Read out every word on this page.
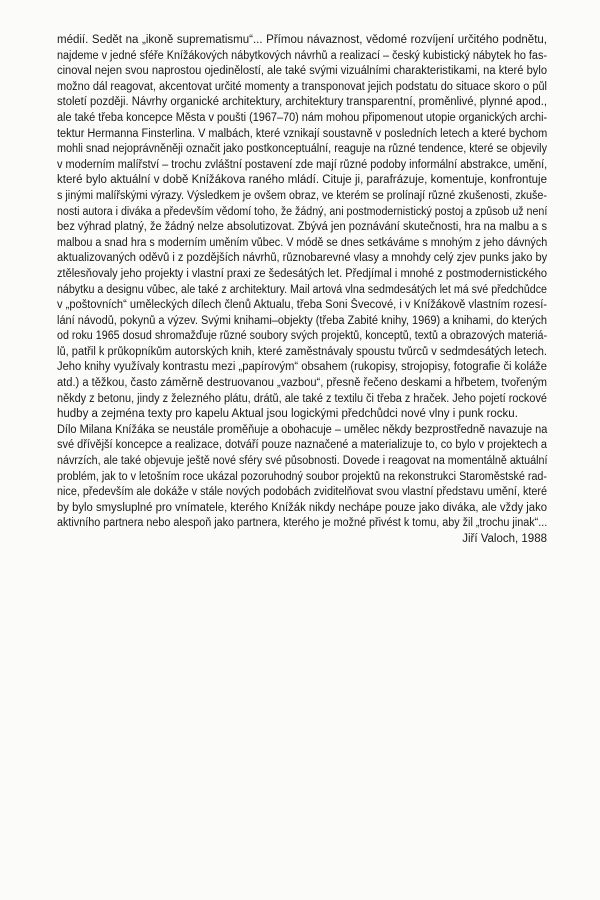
médií. Sedět na „ikoně suprematismu“... Přímou návaznost, vědomé rozvíjení určitého podnětu,
najdeme v jedné sféře Knížákových nábytkových návrhů a realizací – český kubistický nábytek ho fas- cinoval nejen svou naprostou ojedinělostí, ale také svými vizuálními charakteristikami, na které bylo možno dál reagovat, akcentovat určité momenty a transponovat jejich podstatu do situace skoro o půl století později. Návrhy organické architektury, architektury transparentní, proměnlivé, plynné apod., ale také třeba koncepce Města v poušti (1967–70) nám mohou připomenout utopie organických archi- tektur Hermanna Finsterlina. V malbách, které vznikají soustavně v posledních letech a které bychom mohli snad nejoprávněněji označit jako postkonceptuální, reaguje na různé tendence, které se objevily v moderním malířství – trochu zvláštní postavení zde mají různé podoby informální abstrakce, umění,
které bylo aktuální v době Knížákova raného mládí. Cituje ji, parafrázuje, komentuje, konfrontuje
s jinými malířskými výrazy. Výsledkem je ovšem obraz, ve kterém se prolínají různé zkušenosti, zkuše- nosti autora i diváka a především vědomí toho, že žádný, ani postmodernistický postoj a způsob už není bez výhrad platný, že žádný nelze absolutizovat. Zbývá jen poznávání skutečnosti, hra na malbu a s malbou a snad hra s moderním uměním vůbec. V módě se dnes setkáváme s mnohým z jeho dávných aktualizovaných oděvů i z pozdějších návrhů, různobarevné vlasy a mnohdy celý zjev punks jako by ztělesňovaly jeho projekty i vlastní praxi ze šedesátých let. Předjímal i mnohé z postmodernistického nábytku a designu vůbec, ale také z architektury. Mail artová vlna sedmdesátých let má své předchůdce v „poštovních“ uměleckých dílech členů Aktualu, třeba Soni Švecové, i v Knížákově vlastním rozesí- lání návodů, pokynů a výzev. Svými knihami–objekty (třeba Zabité knihy, 1969) a knihami, do kterých od roku 1965 dosud shromažďuje různé soubory svých projektů, konceptů, textů a obrazových materiá- lů, patřil k průkopníkům autorských knih, které zaměstnávaly spoustu tvůrců v sedmdesátých letech. Jeho knihy využívaly kontrastu mezi „papírovým“ obsahem (rukopisy, strojopisy, fotografie či koláže atd.) a těžkou, často záměrně destruovanou „vazbou“, přesně řečeno deskami a hřbetem, tvořeným někdy z betonu, jindy z železného plátu, drátů, ale také z textilu či třeba z hraček. Jeho pojetí rockové
hudby a zejména texty pro kapelu Aktual jsou logickými předchůdci nové vlny i punk rocku.
Dílo Milana Knížáka se neustále proměňuje a obohacuje – umělec někdy bezprostředně navazuje na své dřívější koncepce a realizace, dotváří pouze naznačené a materializuje to, co bylo v projektech a návrzích, ale také objevuje ještě nové sféry své působnosti. Dovede i reagovat na momentálně aktuální problém, jak to v letošním roce ukázal pozoruhodný soubor projektů na rekonstrukci Staroměstské rad- nice, především ale dokáže v stále nových podobách zviditelňovat svou vlastní představu umění, které by bylo smysluplné pro vnímatele, kterého Knížák nikdy nechápe pouze jako diváka, ale vždy jako aktivního partnera nebo alespoň jako partnera, kterého je možné přivést k tomu, aby žil „trochu jinak“...
Jiří Valoch, 1988
